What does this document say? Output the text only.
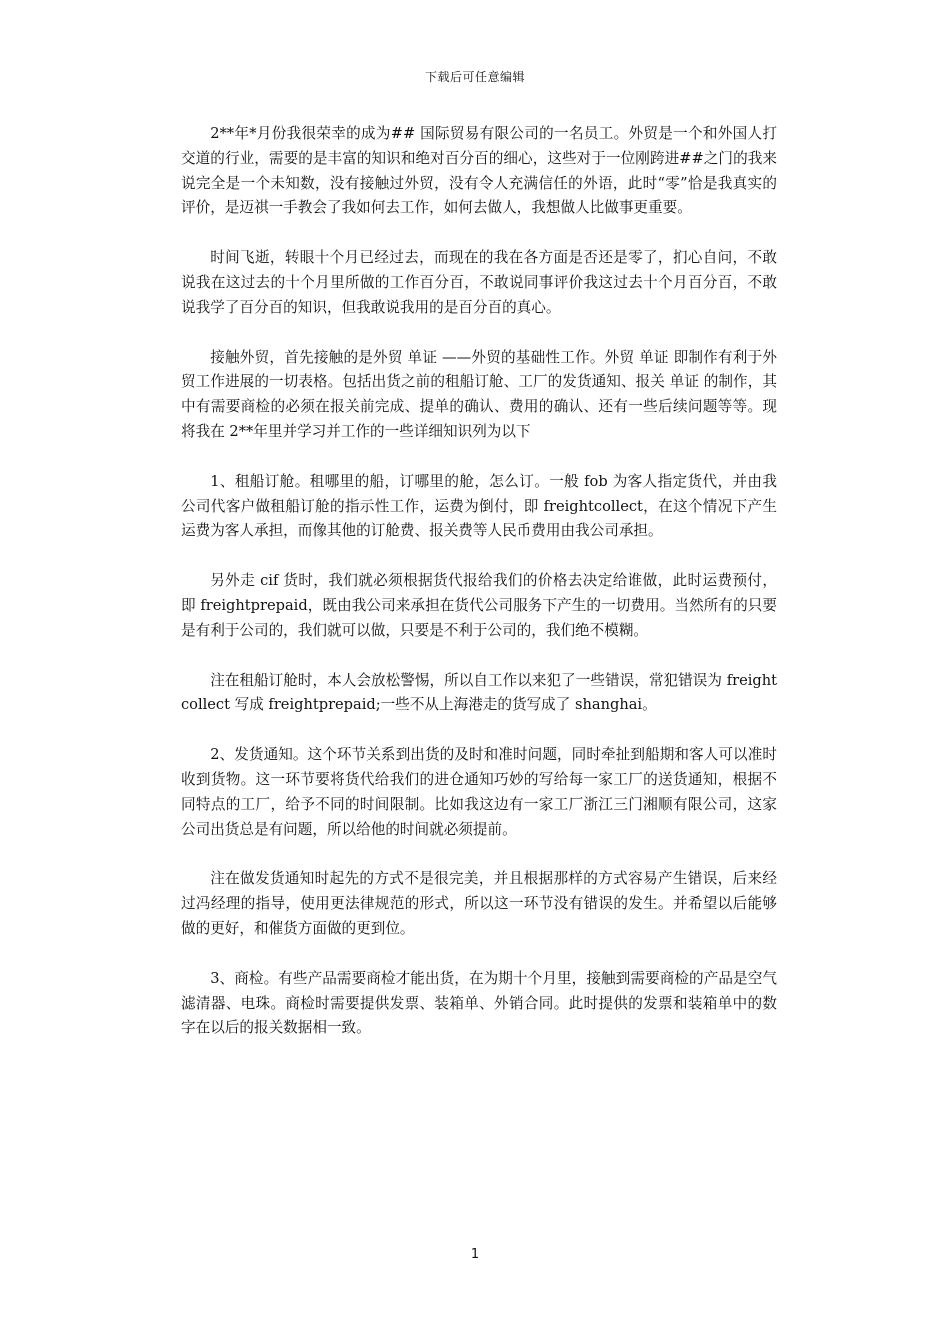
下载后可任意编辑

2**年*月份我很荣幸的成为## 国际贸易有限公司的一名员工。外贸是一个和外国人打交道的行业，需要的是丰富的知识和绝对百分百的细心，这些对于一位刚跨进##之门的我来说完全是一个未知数，没有接触过外贸，没有令人充满信任的外语，此时“零”恰是我真实的评价，是迈祺一手教会了我如何去工作，如何去做人，我想做人比做事更重要。

时间飞逝，转眼十个月已经过去，而现在的我在各方面是否还是零了，扪心自问，不敢说我在这过去的十个月里所做的工作百分百，不敢说同事评价我这过去十个月百分百，不敢说我学了百分百的知识，但我敢说我用的是百分百的真心。

接触外贸，首先接触的是外贸 单证 ——外贸的基础性工作。外贸 单证 即制作有利于外贸工作进展的一切表格。包括出货之前的租船订舱、工厂的发货通知、报关 单证 的制作，其中有需要商检的必须在报关前完成、提单的确认、费用的确认、还有一些后续问题等等。现将我在 2**年里并学习并工作的一些详细知识列为以下

1、租船订舱。租哪里的船，订哪里的舱，怎么订。一般 fob 为客人指定货代，并由我公司代客户做租船订舱的指示性工作，运费为倒付，即 freightcollect，在这个情况下产生运费为客人承担，而像其他的订舱费、报关费等人民币费用由我公司承担。

另外走 cif 货时，我们就必须根据货代报给我们的价格去决定给谁做，此时运费预付，即 freightprepaid，既由我公司来承担在货代公司服务下产生的一切费用。当然所有的只要是有利于公司的，我们就可以做，只要是不利于公司的，我们绝不模糊。

注在租船订舱时，本人会放松警惕，所以自工作以来犯了一些错误，常犯错误为 freightcollect 写成 freightprepaid;一些不从上海港走的货写成了 shanghai。

2、发货通知。这个环节关系到出货的及时和准时问题，同时牵扯到船期和客人可以准时收到货物。这一环节要将货代给我们的进仓通知巧妙的写给每一家工厂的送货通知，根据不同特点的工厂，给予不同的时间限制。比如我这边有一家工厂浙江三门湘顺有限公司，这家公司出货总是有问题，所以给他的时间就必须提前。

注在做发货通知时起先的方式不是很完美，并且根据那样的方式容易产生错误，后来经过冯经理的指导，使用更法律规范的形式，所以这一环节没有错误的发生。并希望以后能够做的更好，和催货方面做的更到位。

3、商检。有些产品需要商检才能出货，在为期十个月里，接触到需要商检的产品是空气滤清器、电珠。商检时需要提供发票、装箱单、外销合同。此时提供的发票和装箱单中的数字在以后的报关数据相一致。

1
